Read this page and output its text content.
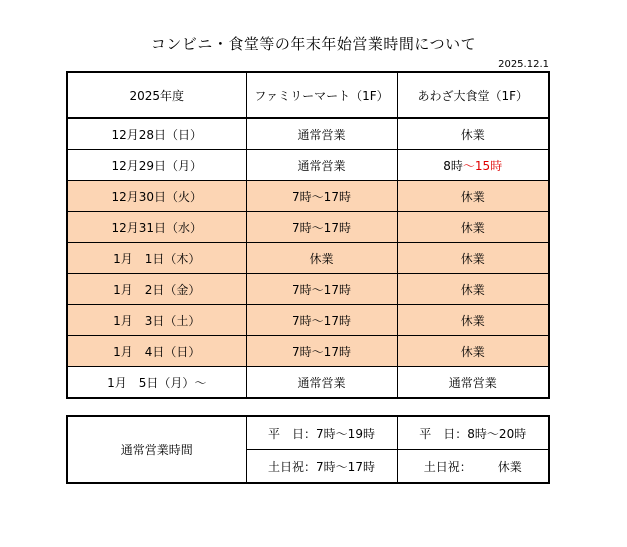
コンビニ・食堂等の年末年始営業時間について
2025.12.1
2025年度	ファミリーマート（1F）	あわざ大食堂（1F）
12月28日（日）	通常営業	休業
12月29日（月）	通常営業	8時～15時
12月30日（火）	7時～17時	休業
12月31日（水）	7時～17時	休業
1月　1日（木）	休業	休業
1月　2日（金）	7時～17時	休業
1月　3日（土）	7時～17時	休業
1月　4日（日）	7時～17時	休業
1月　5日（月）～	通常営業	通常営業
通常営業時間	平　日：7時～19時	平　日：8時～20時
	土日祝：7時～17時	土日祝： 休業
